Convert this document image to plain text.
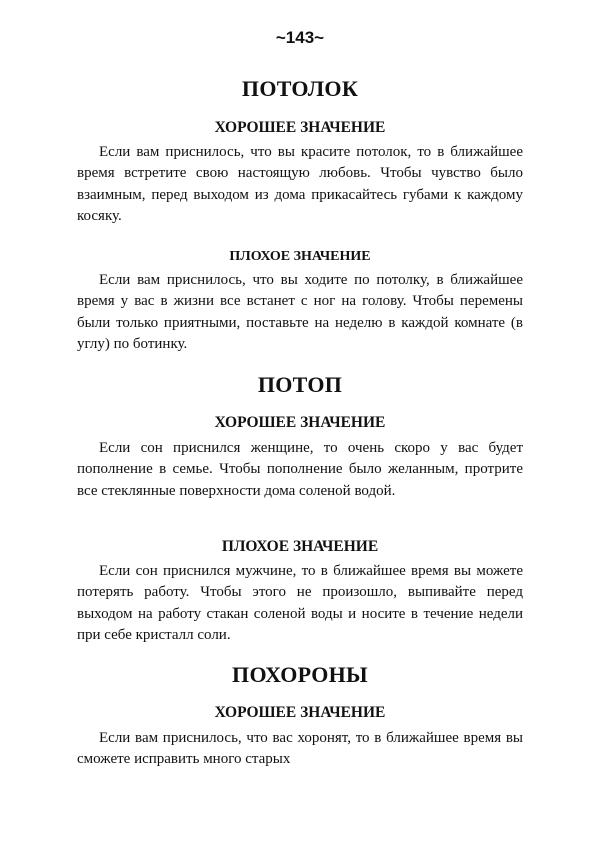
~143~
ПОТОЛОК
ХОРОШЕЕ ЗНАЧЕНИЕ

Если вам приснилось, что вы красите потолок, то в ближайшее время встретите свою настоящую любовь. Чтобы чувство было взаимным, перед выходом из дома прикасайтесь губами к каждому косяку.

ПЛОХОЕ ЗНАЧЕНИЕ

Если вам приснилось, что вы ходите по потолку, в ближайшее время у вас в жизни все встанет с ног на голову. Чтобы перемены были только приятными, поставьте на неделю в каждой комнате (в углу) по ботинку.

ПОТОП
ХОРОШЕЕ ЗНАЧЕНИЕ

Если сон приснился женщине, то очень скоро у вас будет пополнение в семье. Чтобы пополнение было желанным, протрите все стеклянные поверхности дома соленой водой.

ПЛОХОЕ ЗНАЧЕНИЕ

Если сон приснился мужчине, то в ближайшее время вы можете потерять работу. Чтобы этого не произошло, выпивайте перед выходом на работу стакан соленой воды и носите в течение недели при себе кристалл соли.

ПОХОРОНЫ
ХОРОШЕЕ ЗНАЧЕНИЕ

Если вам приснилось, что вас хоронят, то в ближайшее время вы сможете исправить много старых
